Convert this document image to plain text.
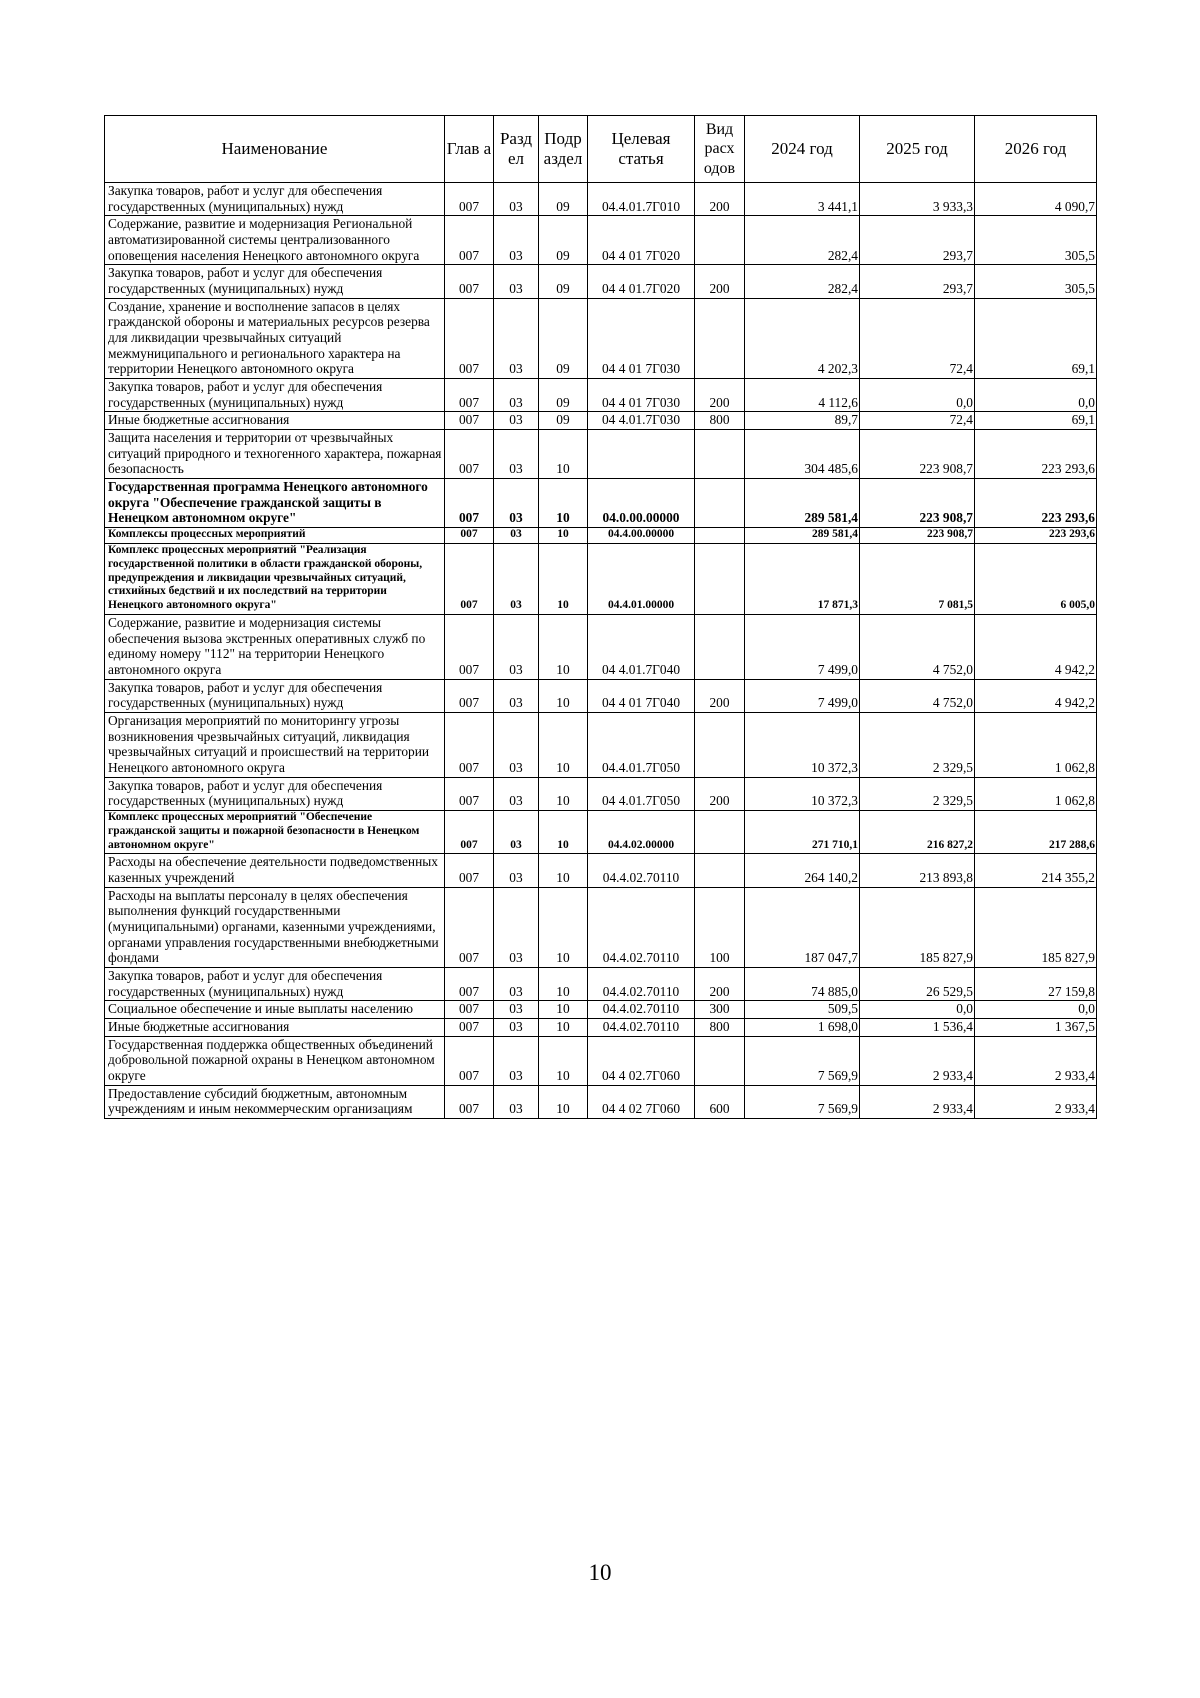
Наименование	Глав а	Разд ел	Подр аздел	Целевая статья	Вид расх одов	2024 год	2025 год	2026 год
Закупка товаров, работ и услуг для обеспечения государственных (муниципальных) нужд	007	03	09	04.4.01.7Г010	200	3 441,1	3 933,3	4 090,7
Содержание, развитие и модернизация Региональной автоматизированной системы централизованного оповещения населения Ненецкого автономного округа	007	03	09	04 4 01 7Г020		282,4	293,7	305,5
Закупка товаров, работ и услуг для обеспечения государственных (муниципальных) нужд	007	03	09	04 4 01.7Г020	200	282,4	293,7	305,5
Создание, хранение и восполнение запасов в целях гражданской обороны и материальных ресурсов резерва для ликвидации чрезвычайных ситуаций межмуниципального и регионального характера на территории Ненецкого автономного округа	007	03	09	04 4 01 7Г030		4 202,3	72,4	69,1
Закупка товаров, работ и услуг для обеспечения государственных (муниципальных) нужд	007	03	09	04 4 01 7Г030	200	4 112,6	0,0	0,0
Иные бюджетные ассигнования	007	03	09	04 4.01.7Г030	800	89,7	72,4	69,1
Защита населения и территории от чрезвычайных ситуаций природного и техногенного характера, пожарная безопасность	007	03	10			304 485,6	223 908,7	223 293,6
Государственная программа Ненецкого автономного округа "Обеспечение гражданской защиты в Ненецком автономном округе"	007	03	10	04.0.00.00000		289 581,4	223 908,7	223 293,6
Комплексы процессных мероприятий	007	03	10	04.4.00.00000		289 581,4	223 908,7	223 293,6
Комплекс процессных мероприятий "Реализация государственной политики в области гражданской обороны, предупреждения и ликвидации чрезвычайных ситуаций, стихийных бедствий и их последствий на территории Ненецкого автономного округа"	007	03	10	04.4.01.00000		17 871,3	7 081,5	6 005,0
Содержание, развитие и модернизация системы обеспечения вызова экстренных оперативных служб по единому номеру "112" на территории Ненецкого автономного округа	007	03	10	04 4.01.7Г040		7 499,0	4 752,0	4 942,2
Закупка товаров, работ и услуг для обеспечения государственных (муниципальных) нужд	007	03	10	04 4 01 7Г040	200	7 499,0	4 752,0	4 942,2
Организация мероприятий по мониторингу угрозы возникновения чрезвычайных ситуаций, ликвидация чрезвычайных ситуаций и происшествий на территории Ненецкого автономного округа	007	03	10	04.4.01.7Г050		10 372,3	2 329,5	1 062,8
Закупка товаров, работ и услуг для обеспечения государственных (муниципальных) нужд	007	03	10	04 4.01.7Г050	200	10 372,3	2 329,5	1 062,8
Комплекс процессных мероприятий "Обеспечение гражданской защиты и пожарной безопасности в Ненецком автономном округе"	007	03	10	04.4.02.00000		271 710,1	216 827,2	217 288,6
Расходы на обеспечение деятельности подведомственных казенных учреждений	007	03	10	04.4.02.70110		264 140,2	213 893,8	214 355,2
Расходы на выплаты персоналу в целях обеспечения выполнения функций государственными (муниципальными) органами, казенными учреждениями, органами управления государственными внебюджетными фондами	007	03	10	04.4.02.70110	100	187 047,7	185 827,9	185 827,9
Закупка товаров, работ и услуг для обеспечения государственных (муниципальных) нужд	007	03	10	04.4.02.70110	200	74 885,0	26 529,5	27 159,8
Социальное обеспечение и иные выплаты населению	007	03	10	04.4.02.70110	300	509,5	0,0	0,0
Иные бюджетные ассигнования	007	03	10	04.4.02.70110	800	1 698,0	1 536,4	1 367,5
Государственная поддержка общественных объединений добровольной пожарной охраны в Ненецком автономном округе	007	03	10	04 4 02.7Г060		7 569,9	2 933,4	2 933,4
Предоставление субсидий бюджетным, автономным учреждениям и иным некоммерческим организациям	007	03	10	04 4 02 7Г060	600	7 569,9	2 933,4	2 933,4
10
